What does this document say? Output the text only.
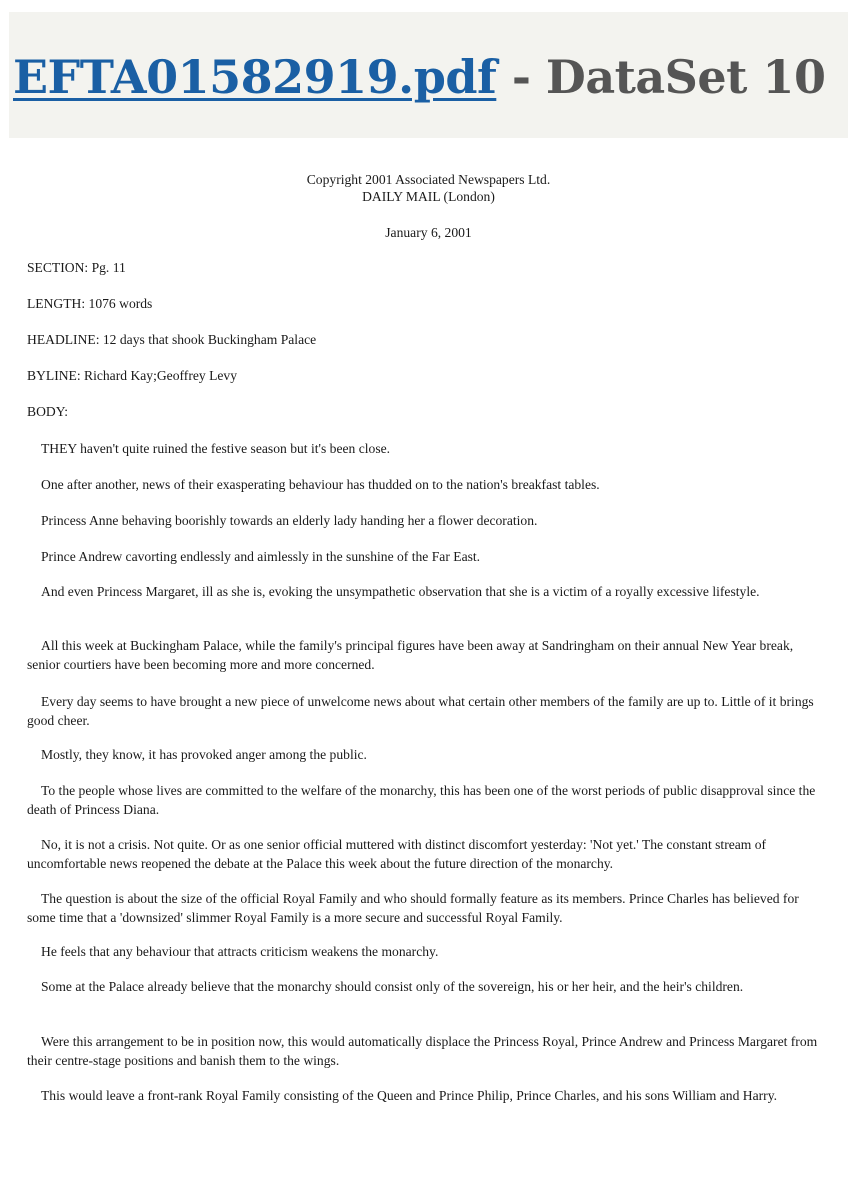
EFTA01582919.pdf - DataSet 10
Copyright 2001 Associated Newspapers Ltd.
DAILY MAIL (London)
January 6, 2001
SECTION: Pg. 11
LENGTH: 1076 words
HEADLINE: 12 days that shook Buckingham Palace
BYLINE: Richard Kay;Geoffrey Levy
BODY:
THEY haven't quite ruined the festive season but it's been close.
One after another, news of their exasperating behaviour has thudded on to the nation's breakfast tables.
Princess Anne behaving boorishly towards an elderly lady handing her a flower decoration.
Prince Andrew cavorting endlessly and aimlessly in the sunshine of the Far East.
And even Princess Margaret, ill as she is, evoking the unsympathetic observation that she is a victim of a royally excessive lifestyle.
All this week at Buckingham Palace, while the family's principal figures have been away at Sandringham on their annual New Year break, senior courtiers have been becoming more and more concerned.
Every day seems to have brought a new piece of unwelcome news about what certain other members of the family are up to. Little of it brings good cheer.
Mostly, they know, it has provoked anger among the public.
To the people whose lives are committed to the welfare of the monarchy, this has been one of the worst periods of public disapproval since the death of Princess Diana.
No, it is not a crisis. Not quite. Or as one senior official muttered with distinct discomfort yesterday: 'Not yet.' The constant stream of uncomfortable news reopened the debate at the Palace this week about the future direction of the monarchy.
The question is about the size of the official Royal Family and who should formally feature as its members. Prince Charles has believed for some time that a 'downsized' slimmer Royal Family is a more secure and successful Royal Family.
He feels that any behaviour that attracts criticism weakens the monarchy.
Some at the Palace already believe that the monarchy should consist only of the sovereign, his or her heir, and the heir's children.
Were this arrangement to be in position now, this would automatically displace the Princess Royal, Prince Andrew and Princess Margaret from their centre-stage positions and banish them to the wings.
This would leave a front-rank Royal Family consisting of the Queen and Prince Philip, Prince Charles, and his sons William and Harry.
